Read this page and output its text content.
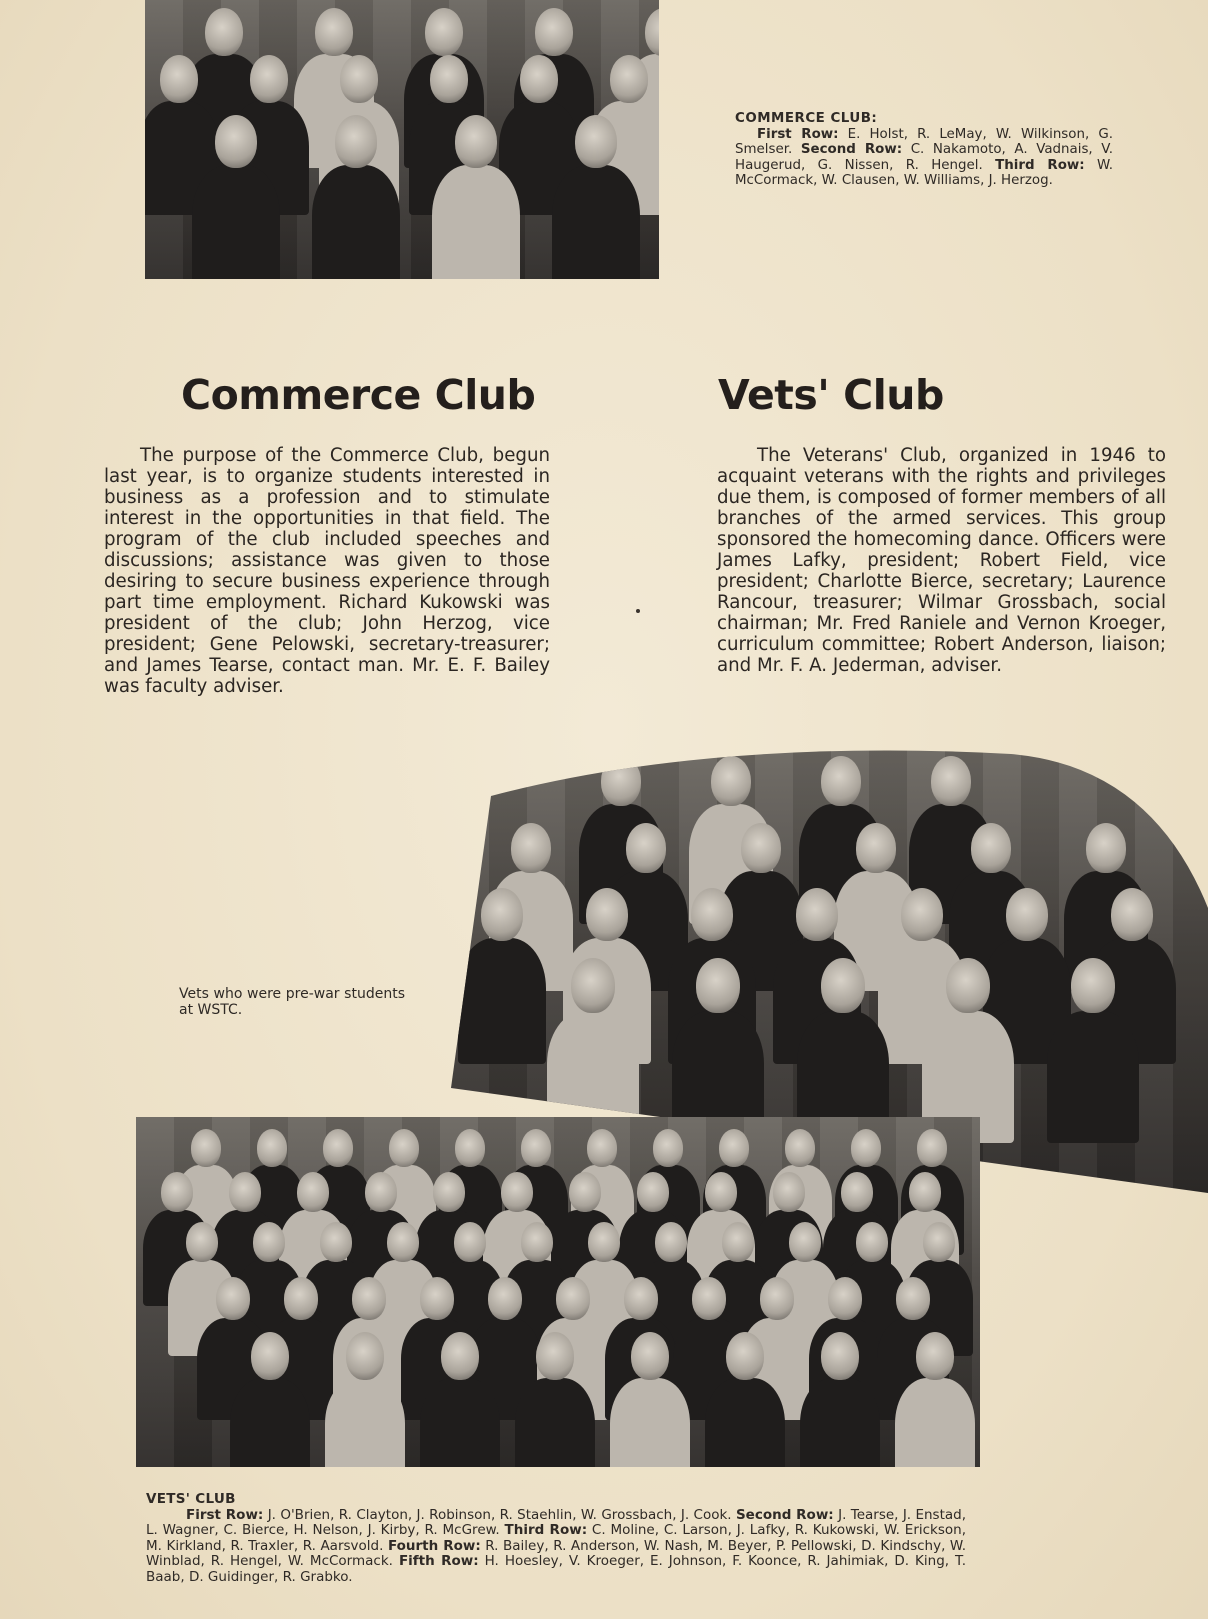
COMMERCE CLUB:
First Row: E. Holst, R. LeMay, W. Wilkinson, G. Smelser. Second Row: C. Nakamoto, A. Vadnais, V. Haugerud, G. Nissen, R. Hengel. Third Row: W. McCormack, W. Clausen, W. Williams, J. Herzog.
Commerce Club	Vets' Club
The purpose of the Commerce Club, begun last year, is to organize students interested in business as a profession and to stimulate interest in the opportunities in that field. The program of the club included speeches and discussions; assistance was given to those desiring to secure business experience through part time employment. Richard Kukowski was president of the club; John Herzog, vice president; Gene Pelowski, secretary-treasurer; and James Tearse, contact man. Mr. E. F. Bailey was faculty adviser.
The Veterans' Club, organized in 1946 to acquaint veterans with the rights and privileges due them, is composed of former members of all branches of the armed services. This group sponsored the homecoming dance. Officers were James Lafky, president; Robert Field, vice president; Charlotte Bierce, secretary; Laurence Rancour, treasurer; Wilmar Grossbach, social chairman; Mr. Fred Raniele and Vernon Kroeger, curriculum committee; Robert Anderson, liaison; and Mr. F. A. Jederman, adviser.
Vets who were pre-war students at WSTC.
VETS' CLUB
First Row: J. O'Brien, R. Clayton, J. Robinson, R. Staehlin, W. Grossbach, J. Cook. Second Row: J. Tearse, J. Enstad, L. Wagner, C. Bierce, H. Nelson, J. Kirby, R. McGrew. Third Row: C. Moline, C. Larson, J. Lafky, R. Kukowski, W. Erickson, M. Kirkland, R. Traxler, R. Aarsvold. Fourth Row: R. Bailey, R. Anderson, W. Nash, M. Beyer, P. Pellowski, D. Kindschy, W. Winblad, R. Hengel, W. McCormack. Fifth Row: H. Hoesley, V. Kroeger, E. Johnson, F. Koonce, R. Jahimiak, D. King, T. Baab, D. Guidinger, R. Grabko.
